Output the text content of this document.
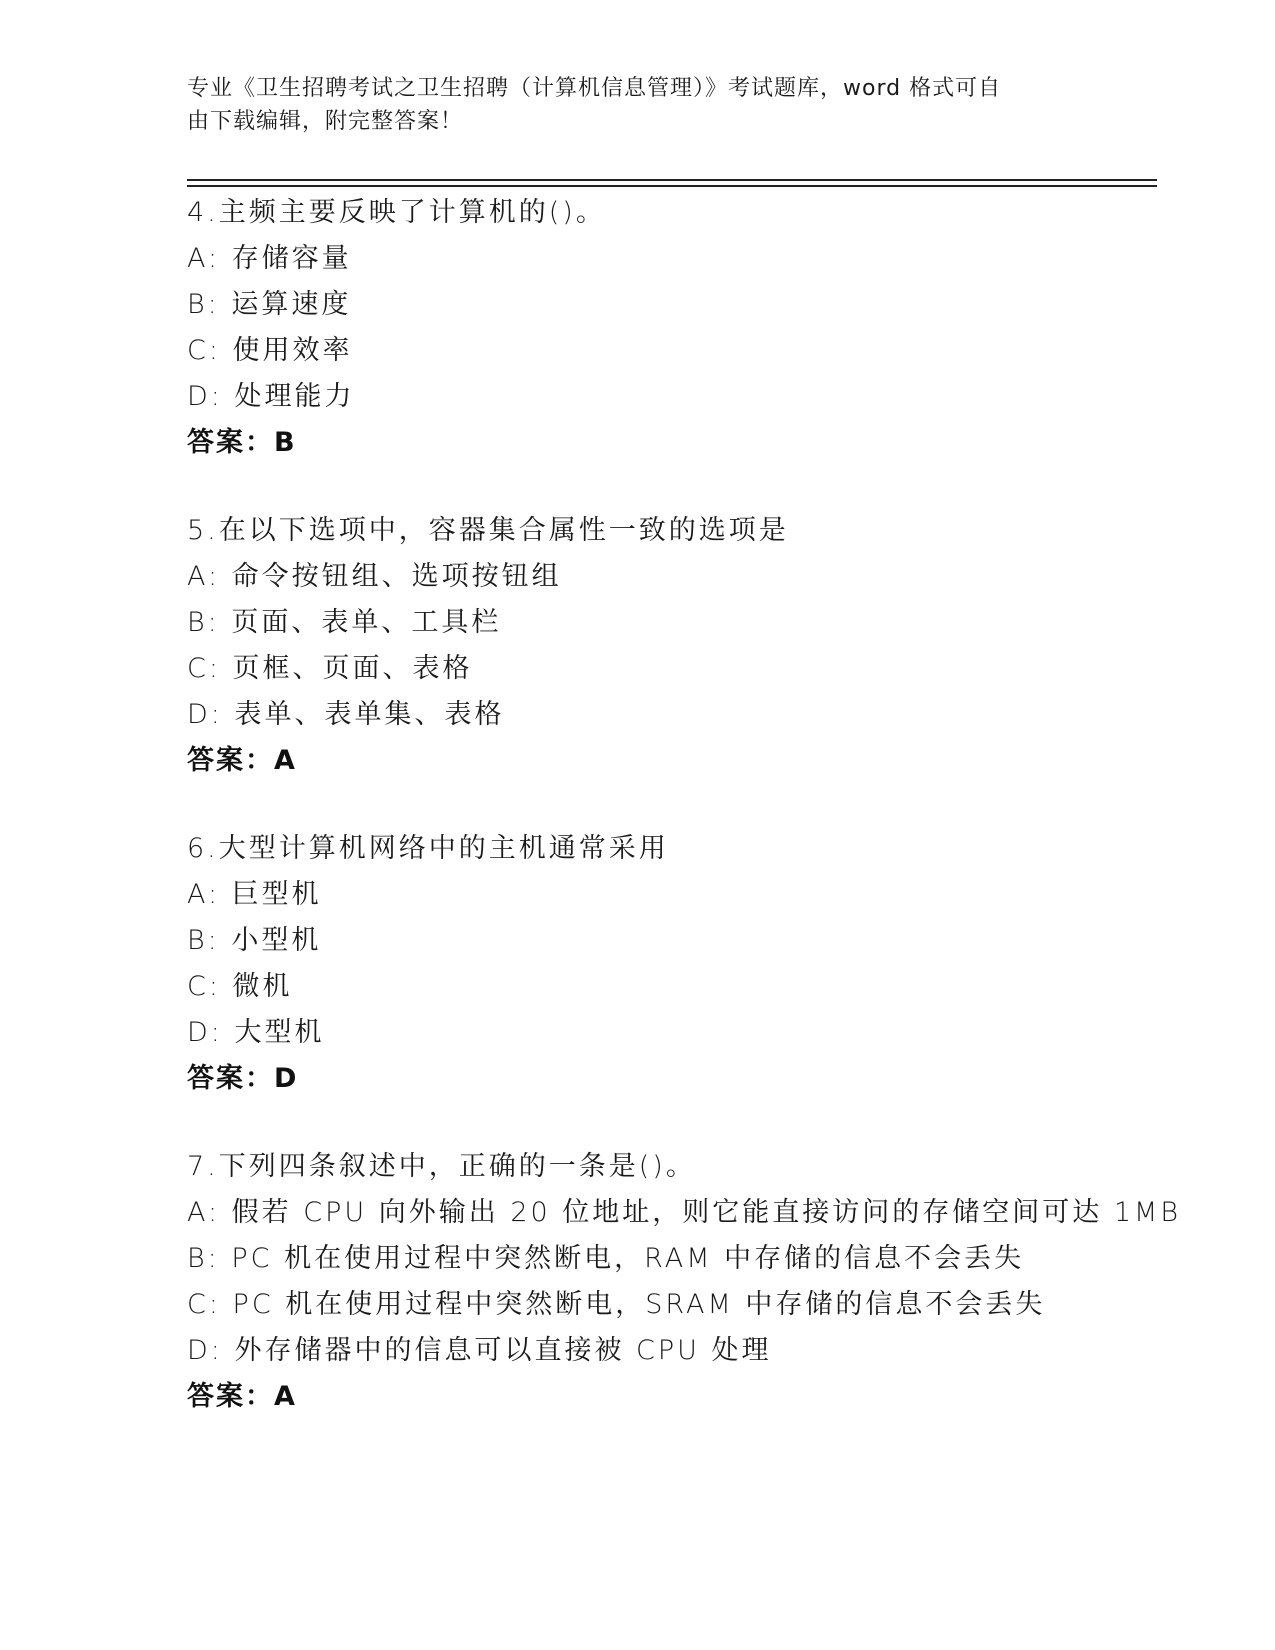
专业《卫生招聘考试之卫生招聘（计算机信息管理）》考试题库，word 格式可自
由下载编辑，附完整答案！
4.主频主要反映了计算机的()。
A: 存储容量
B: 运算速度
C: 使用效率
D: 处理能力
答案：B
5.在以下选项中，容器集合属性一致的选项是
A: 命令按钮组、选项按钮组
B: 页面、表单、工具栏
C: 页框、页面、表格
D: 表单、表单集、表格
答案：A
6.大型计算机网络中的主机通常采用
A: 巨型机
B: 小型机
C: 微机
D: 大型机
答案：D
7.下列四条叙述中，正确的一条是()。
A: 假若 CPU 向外输出 20 位地址，则它能直接访问的存储空间可达 1MB
B: PC 机在使用过程中突然断电，RAM 中存储的信息不会丢失
C: PC 机在使用过程中突然断电，SRAM 中存储的信息不会丢失
D: 外存储器中的信息可以直接被 CPU 处理
答案：A
